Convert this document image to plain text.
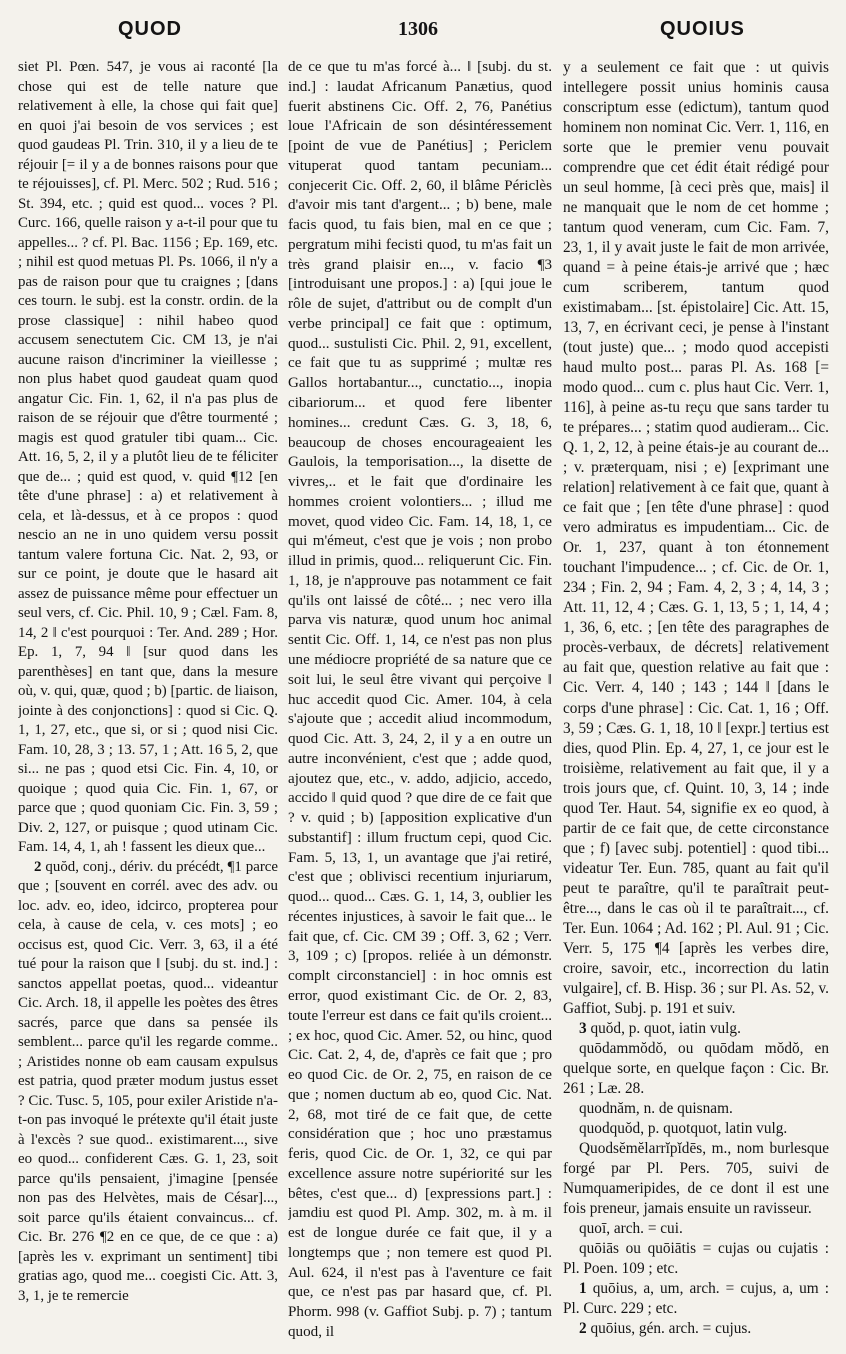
QUOD	1306	QUOIUS

siet Pl. Pœn. 547, je vous ai raconté [la chose qui est de telle nature que relativement à elle, la chose qui fait que] en quoi j'ai besoin de vos services ; est quod gaudeas Pl. Trin. 310, il y a lieu de te réjouir [= il y a de bonnes raisons pour que te réjouisses], cf. Pl. Merc. 502 ; Rud. 516 ; St. 394, etc. ; quid est quod... voces ? Pl. Curc. 166, quelle raison y a-t-il pour que tu appelles... ? cf. Pl. Bac. 1156 ; Ep. 169, etc. ; nihil est quod metuas Pl. Ps. 1066, il n'y a pas de raison pour que tu craignes ; [dans ces tourn. le subj. est la constr. ordin. de la prose classique] : nihil habeo quod accusem senectutem Cic. CM 13, je n'ai aucune raison d'incriminer la vieillesse ; non plus habet quod gaudeat quam quod angatur Cic. Fin. 1, 62, il n'a pas plus de raison de se réjouir que d'être tourmenté ; magis est quod gratuler tibi quam... Cic. Att. 16, 5, 2, il y a plutôt lieu de te féliciter que de... ; quid est quod, v. quid ¶12 [en tête d'une phrase] : a) et relativement à cela, et là-dessus, et à ce propos : quod nescio an ne in uno quidem versu possit tantum valere fortuna Cic. Nat. 2, 93, or sur ce point, je doute que le hasard ait assez de puissance même pour effectuer un seul vers, cf. Cic. Phil. 10, 9 ; Cæl. Fam. 8, 14, 2 ‖ c'est pourquoi : Ter. And. 289 ; Hor. Ep. 1, 7, 94 ‖ [sur quod dans les parenthèses] en tant que, dans la mesure où, v. qui, quæ, quod ; b) [partic. de liaison, jointe à des conjonctions] : quod si Cic. Q. 1, 1, 27, etc., que si, or si ; quod nisi Cic. Fam. 10, 28, 3 ; 13. 57, 1 ; Att. 16 5, 2, que si... ne pas ; quod etsi Cic. Fin. 4, 10, or quoique ; quod quia Cic. Fin. 1, 67, or parce que ; quod quoniam Cic. Fin. 3, 59 ; Div. 2, 127, or puisque ; quod utinam Cic. Fam. 14, 4, 1, ah ! fassent les dieux que...

2 quŏd, conj., dériv. du précédt, ¶1 parce que ; [souvent en corrél. avec des adv. ou loc. adv. eo, ideo, idcirco, propterea pour cela, à cause de cela, v. ces mots] ; eo occisus est, quod Cic. Verr. 3, 63, il a été tué pour la raison que ‖ [subj. du st. ind.] : sanctos appellat poetas, quod... videantur Cic. Arch. 18, il appelle les poètes des êtres sacrés, parce que dans sa pensée ils semblent... parce qu'il les regarde comme.. ; Aristides nonne ob eam causam expulsus est patria, quod præter modum justus esset ? Cic. Tusc. 5, 105, pour exiler Aristide n'a-t-on pas invoqué le prétexte qu'il était juste à l'excès ? sue quod.. existimarent..., sive eo quod... confiderent Cæs. G. 1, 23, soit parce qu'ils pensaient, j'imagine [pensée non pas des Helvètes, mais de César]..., soit parce qu'ils étaient convaincus... cf. Cic. Br. 276 ¶2 en ce que, de ce que : a) [après les v. exprimant un sentiment] tibi gratias ago, quod me... coegisti Cic. Att. 3, 3, 1, je te remercie

de ce que tu m'as forcé à... ‖ [subj. du st. ind.] : laudat Africanum Panætius, quod fuerit abstinens Cic. Off. 2, 76, Panétius loue l'Africain de son désintéressement [point de vue de Panétius] ; Periclem vituperat quod tantam pecuniam... conjecerit Cic. Off. 2, 60, il blâme Périclès d'avoir mis tant d'argent... ; b) bene, male facis quod, tu fais bien, mal en ce que ; pergratum mihi fecisti quod, tu m'as fait un très grand plaisir en..., v. facio ¶3 [introduisant une propos.] : a) [qui joue le rôle de sujet, d'attribut ou de complt d'un verbe principal] ce fait que : optimum, quod... sustulisti Cic. Phil. 2, 91, excellent, ce fait que tu as supprimé ; multæ res Gallos hortabantur..., cunctatio..., inopia cibariorum... et quod fere libenter homines... credunt Cæs. G. 3, 18, 6, beaucoup de choses encourageaient les Gaulois, la temporisation..., la disette de vivres,.. et le fait que d'ordinaire les hommes croient volontiers... ; illud me movet, quod video Cic. Fam. 14, 18, 1, ce qui m'émeut, c'est que je vois ; non probo illud in primis, quod... reliquerunt Cic. Fin. 1, 18, je n'approuve pas notamment ce fait qu'ils ont laissé de côté... ; nec vero illa parva vis naturæ, quod unum hoc animal sentit Cic. Off. 1, 14, ce n'est pas non plus une médiocre propriété de sa nature que ce soit lui, le seul être vivant qui perçoive ‖ huc accedit quod Cic. Amer. 104, à cela s'ajoute que ; accedit aliud incommodum, quod Cic. Att. 3, 24, 2, il y a en outre un autre inconvénient, c'est que ; adde quod, ajoutez que, etc., v. addo, adjicio, accedo, accido ‖ quid quod ? que dire de ce fait que ? v. quid ; b) [apposition explicative d'un substantif] : illum fructum cepi, quod Cic. Fam. 5, 13, 1, un avantage que j'ai retiré, c'est que ; oblivisci recentium injuriarum, quod... quod... Cæs. G. 1, 14, 3, oublier les récentes injustices, à savoir le fait que... le fait que, cf. Cic. CM 39 ; Off. 3, 62 ; Verr. 3, 109 ; c) [propos. reliée à un démonstr. complt circonstanciel] : in hoc omnis est error, quod existimant Cic. de Or. 2, 83, toute l'erreur est dans ce fait qu'ils croient... ; ex hoc, quod Cic. Amer. 52, ou hinc, quod Cic. Cat. 2, 4, de, d'après ce fait que ; pro eo quod Cic. de Or. 2, 75, en raison de ce que ; nomen ductum ab eo, quod Cic. Nat. 2, 68, mot tiré de ce fait que, de cette considération que ; hoc uno præstamus feris, quod Cic. de Or. 1, 32, ce qui par excellence assure notre supériorité sur les bêtes, c'est que... d) [expressions part.] : jamdiu est quod Pl. Amp. 302, m. à m. il est de longue durée ce fait que, il y a longtemps que ; non temere est quod Pl. Aul. 624, il n'est pas à l'aventure ce fait que, ce n'est pas par hasard que, cf. Pl. Phorm. 998 (v. Gaffiot Subj. p. 7) ; tantum quod, il

y a seulement ce fait que : ut quivis intellegere possit unius hominis causa conscriptum esse (edictum), tantum quod hominem non nominat Cic. Verr. 1, 116, en sorte que le premier venu pouvait comprendre que cet édit était rédigé pour un seul homme, [à ceci près que, mais] il ne manquait que le nom de cet homme ; tantum quod veneram, cum Cic. Fam. 7, 23, 1, il y avait juste le fait de mon arrivée, quand = à peine étais-je arrivé que ; hæc cum scriberem, tantum quod existimabam... [st. épistolaire] Cic. Att. 15, 13, 7, en écrivant ceci, je pense à l'instant (tout juste) que... ; modo quod accepisti haud multo post... paras Pl. As. 168 [= modo quod... cum c. plus haut Cic. Verr. 1, 116], à peine as-tu reçu que sans tarder tu te prépares... ; statim quod audieram... Cic. Q. 1, 2, 12, à peine étais-je au courant de... ; v. præterquam, nisi ; e) [exprimant une relation] relativement à ce fait que, quant à ce fait que ; [en tête d'une phrase] : quod vero admiratus es impudentiam... Cic. de Or. 1, 237, quant à ton étonnement touchant l'impudence... ; cf. Cic. de Or. 1, 234 ; Fin. 2, 94 ; Fam. 4, 2, 3 ; 4, 14, 3 ; Att. 11, 12, 4 ; Cæs. G. 1, 13, 5 ; 1, 14, 4 ; 1, 36, 6, etc. ; [en tête des paragraphes de procès-verbaux, de décrets] relativement au fait que, question relative au fait que : Cic. Verr. 4, 140 ; 143 ; 144 ‖ [dans le corps d'une phrase] : Cic. Cat. 1, 16 ; Off. 3, 59 ; Cæs. G. 1, 18, 10 ‖ [expr.] tertius est dies, quod Plin. Ep. 4, 27, 1, ce jour est le troisième, relativement au fait que, il y a trois jours que, cf. Quint. 10, 3, 14 ; inde quod Ter. Haut. 54, signifie ex eo quod, à partir de ce fait que, de cette circonstance que ; f) [avec subj. potentiel] : quod tibi... videatur Ter. Eun. 785, quant au fait qu'il peut te paraître, qu'il te paraîtrait peut-être..., dans le cas où il te paraîtrait..., cf. Ter. Eun. 1064 ; Ad. 162 ; Pl. Aul. 91 ; Cic. Verr. 5, 175 ¶4 [après les verbes dire, croire, savoir, etc., incorrection du latin vulgaire], cf. B. Hisp. 36 ; sur Pl. As. 52, v. Gaffiot, Subj. p. 191 et suiv.

3 quŏd, p. quot, iatin vulg.

quōdammŏdŏ, ou quōdam mŏdŏ, en quelque sorte, en quelque façon : Cic. Br. 261 ; Læ. 28.

quodnăm, n. de quisnam.

quodquŏd, p. quotquot, latin vulg.

Quodsĕmĕlarrĭpĭdēs, m., nom burlesque forgé par Pl. Pers. 705, suivi de Numquameripides, de ce dont il est une fois preneur, jamais ensuite un ravisseur.

quoī, arch. = cui.

quōiās ou quōiātis = cujas ou cujatis : Pl. Poen. 109 ; etc.

1 quōius, a, um, arch. = cujus, a, um : Pl. Curc. 229 ; etc.

2 quōius, gén. arch. = cujus.
